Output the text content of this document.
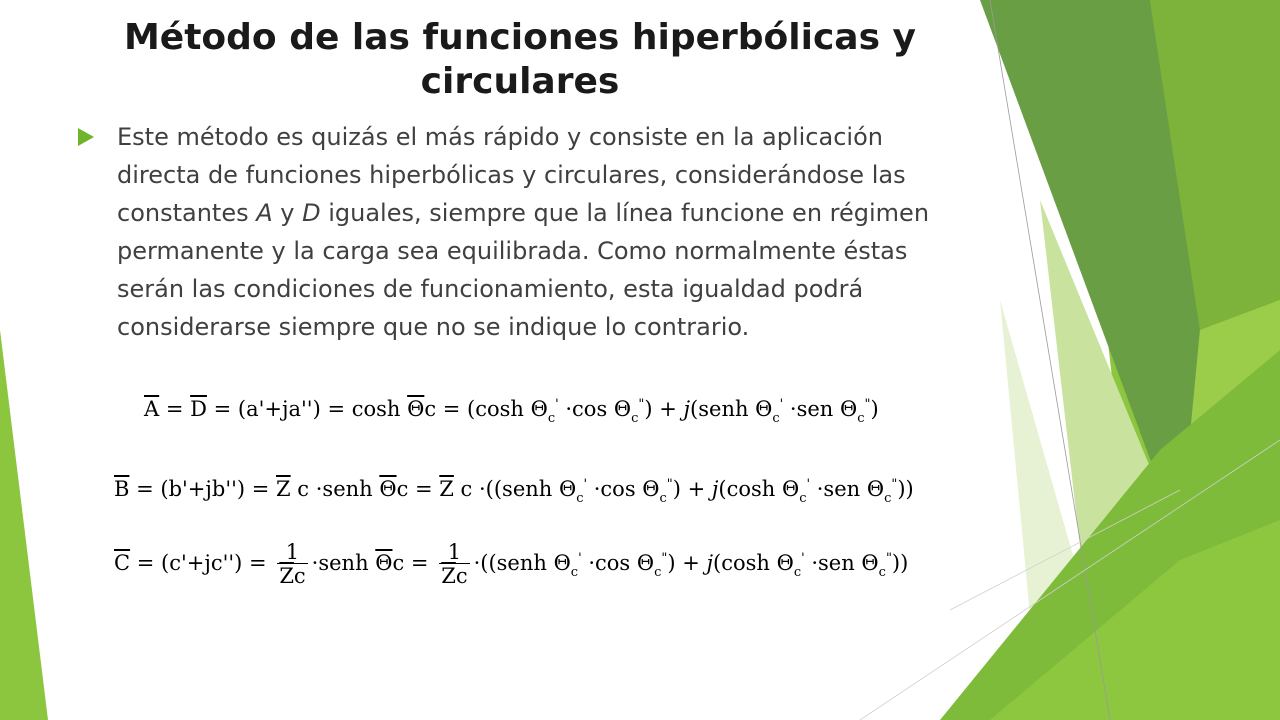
Método de las funciones hiperbólicas y circulares

Este método es quizás el más rápido y consiste en la aplicación directa de funciones hiperbólicas y circulares, considerándose las constantes A y D iguales, siempre que la línea funcione en régimen permanente y la carga sea equilibrada. Como normalmente éstas serán las condiciones de funcionamiento, esta igualdad podrá considerarse siempre que no se indique lo contrario.

$\overline{A} = \overline{D} = (a'+ja'') = \cosh \overline{\Theta}c = (\cosh$ $\Theta_c' \cdot\cos$ $\Theta_c^"$) + j(senh $\Theta_c' \cdot sen$ $\Theta_c^"$)
$\overline{B} = (b'+jb'') = \overline{Z}$ c ·senh $\overline{\Theta}c = \overline{Z}$ c ·((senh $\Theta_c' \cdot\cos$ $\Theta_c^") + j(\cosh$ $\Theta_c' \cdot sen$ $\Theta_c^"$))
$\overline{C} = (c'+jc'') = \frac{1}{\overline{Z}c}$ ·senh $\overline{\Theta}c = \frac{1}{\overline{Z}c}$ ·((senh $\Theta_c' \cdot\cos$ $\Theta_c^") + j(\cosh$ $\Theta_c' \cdot sen$ $\Theta_c^"$))
